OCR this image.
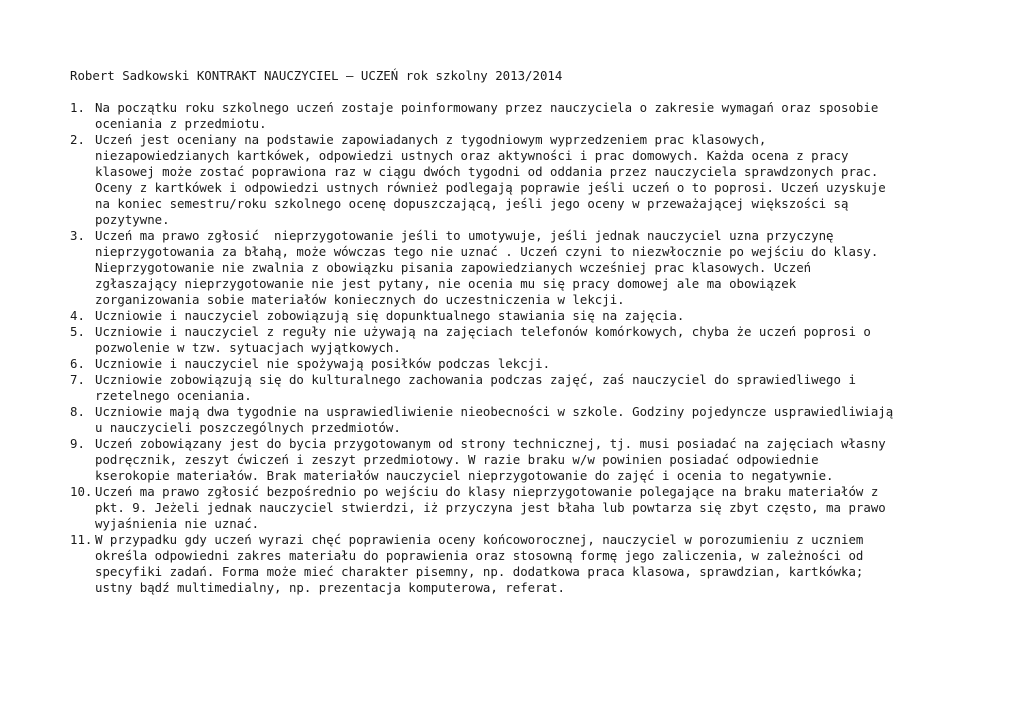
Robert Sadkowski KONTRAKT NAUCZYCIEL – UCZEŃ rok szkolny 2013/2014
1. Na początku roku szkolnego uczeń zostaje poinformowany przez nauczyciela o zakresie wymagań oraz sposobie
oceniania z przedmiotu.
2. Uczeń jest oceniany na podstawie zapowiadanych z tygodniowym wyprzedzeniem prac klasowych,
niezapowiedzianych kartkówek, odpowiedzi ustnych oraz aktywności i prac domowych. Każda ocena z pracy
klasowej może zostać poprawiona raz w ciągu dwóch tygodni od oddania przez nauczyciela sprawdzonych prac.
Oceny z kartkówek i odpowiedzi ustnych również podlegają poprawie jeśli uczeń o to poprosi. Uczeń uzyskuje
na koniec semestru/roku szkolnego ocenę dopuszczającą, jeśli jego oceny w przeważającej większości są
pozytywne.
3. Uczeń ma prawo zgłosić  nieprzygotowanie jeśli to umotywuje, jeśli jednak nauczyciel uzna przyczynę
nieprzygotowania za błahą, może wówczas tego nie uznać . Uczeń czyni to niezwłocznie po wejściu do klasy.
Nieprzygotowanie nie zwalnia z obowiązku pisania zapowiedzianych wcześniej prac klasowych. Uczeń
zgłaszający nieprzygotowanie nie jest pytany, nie ocenia mu się pracy domowej ale ma obowiązek
zorganizowania sobie materiałów koniecznych do uczestniczenia w lekcji.
4. Uczniowie i nauczyciel zobowiązują się dopunktualnego stawiania się na zajęcia.
5. Uczniowie i nauczyciel z reguły nie używają na zajęciach telefonów komórkowych, chyba że uczeń poprosi o
pozwolenie w tzw. sytuacjach wyjątkowych.
6. Uczniowie i nauczyciel nie spożywają posiłków podczas lekcji.
7. Uczniowie zobowiązują się do kulturalnego zachowania podczas zajęć, zaś nauczyciel do sprawiedliwego i
rzetelnego oceniania.
8. Uczniowie mają dwa tygodnie na usprawiedliwienie nieobecności w szkole. Godziny pojedyncze usprawiedliwiają
u nauczycieli poszczególnych przedmiotów.
9. Uczeń zobowiązany jest do bycia przygotowanym od strony technicznej, tj. musi posiadać na zajęciach własny
podręcznik, zeszyt ćwiczeń i zeszyt przedmiotowy. W razie braku w/w powinien posiadać odpowiednie
kserokopie materiałów. Brak materiałów nauczyciel nieprzygotowanie do zajęć i ocenia to negatywnie.
10. Uczeń ma prawo zgłosić bezpośrednio po wejściu do klasy nieprzygotowanie polegające na braku materiałów z
pkt. 9. Jeżeli jednak nauczyciel stwierdzi, iż przyczyna jest błaha lub powtarza się zbyt często, ma prawo
wyjaśnienia nie uznać.
11. W przypadku gdy uczeń wyrazi chęć poprawienia oceny końcoworocznej, nauczyciel w porozumieniu z uczniem
określa odpowiedni zakres materiału do poprawienia oraz stosowną formę jego zaliczenia, w zależności od
specyfiki zadań. Forma może mieć charakter pisemny, np. dodatkowa praca klasowa, sprawdzian, kartkówka;
ustny bądź multimedialny, np. prezentacja komputerowa, referat.
